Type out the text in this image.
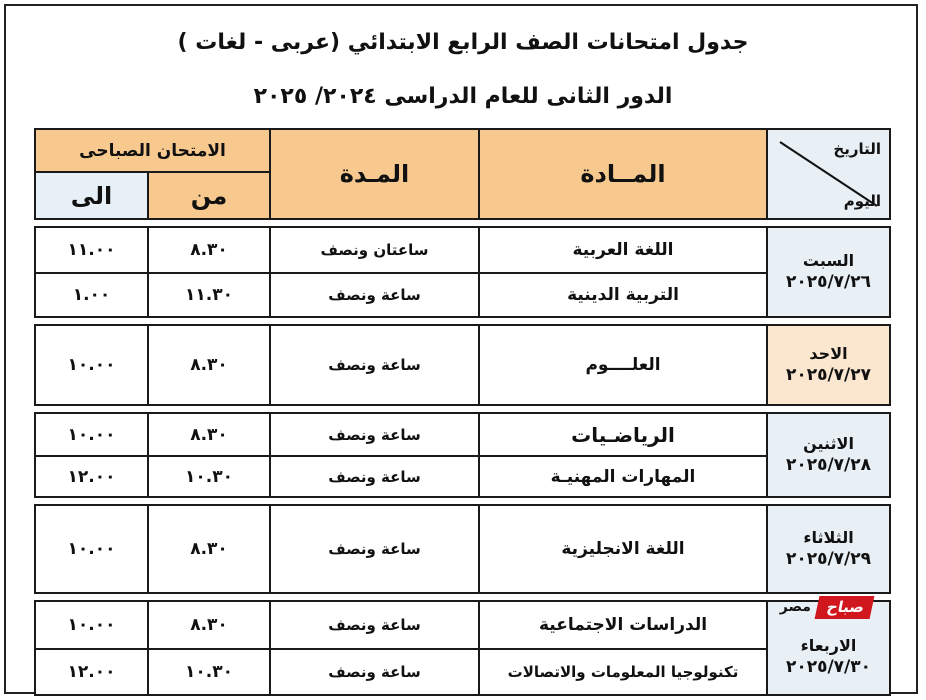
جدول امتحانات الصف الرابع الابتدائي (عربى - لغات )
الدور الثانى للعام الدراسى ٢٠٢٤/ ٢٠٢٥
التاريخ
اليوم
المــادة
المـدة
الامتحان الصباحى
من
الى
السبت
٢٠٢٥/٧/٢٦
الاحد
٢٠٢٥/٧/٢٧
الاثنين
٢٠٢٥/٧/٢٨
الثلاثاء
٢٠٢٥/٧/٢٩
الاربعاء
٢٠٢٥/٧/٣٠
اللغة العربية
ساعتان ونصف
٨.٣٠
١١.٠٠
التربية الدينية
ساعة ونصف
١١.٣٠
١.٠٠
العلــــوم
ساعة ونصف
٨.٣٠
١٠.٠٠
الرياضـيات
ساعة ونصف
٨.٣٠
١٠.٠٠
المهارات المهنيـة
ساعة ونصف
١٠.٣٠
١٢.٠٠
اللغة الانجليزية
ساعة ونصف
٨.٣٠
١٠.٠٠
الدراسات الاجتماعية
ساعة ونصف
٨.٣٠
١٠.٠٠
تكنولوجيا المعلومات والاتصالات
ساعة ونصف
١٠.٣٠
١٢.٠٠
صباح
مصر
